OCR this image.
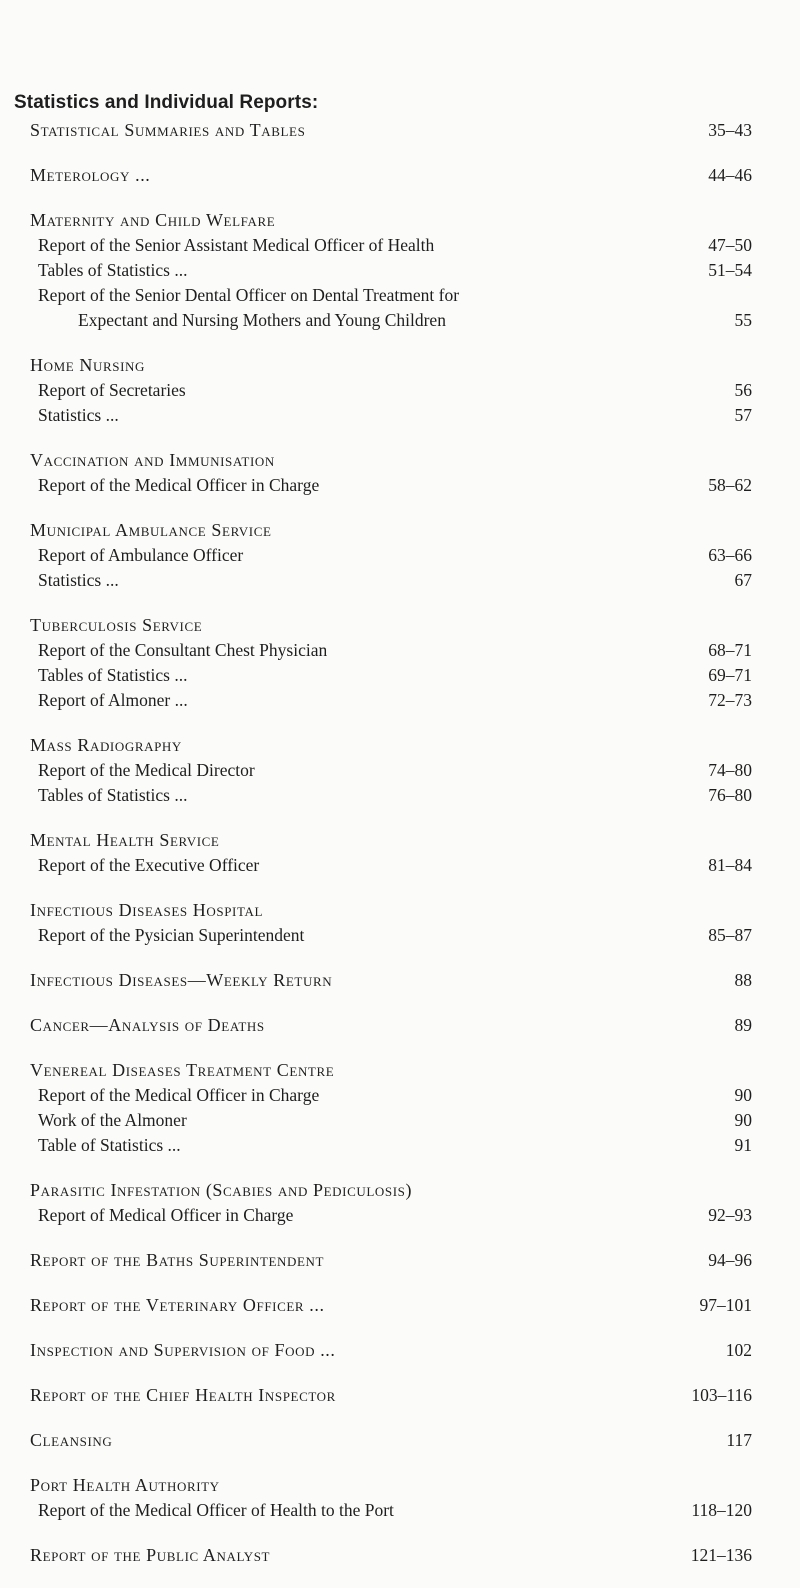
Statistics and Individual Reports:
Statistical Summaries and Tables	35–43
Meterology ...	44–46
Maternity and Child Welfare
Report of the Senior Assistant Medical Officer of Health	47–50
Tables of Statistics ...	51–54
Report of the Senior Dental Officer on Dental Treatment for
Expectant and Nursing Mothers and Young Children	55
Home Nursing
Report of Secretaries	56
Statistics ...	57
Vaccination and Immunisation
Report of the Medical Officer in Charge	58–62
Municipal Ambulance Service
Report of Ambulance Officer	63–66
Statistics ...	67
Tuberculosis Service
Report of the Consultant Chest Physician	68–71
Tables of Statistics ...	69–71
Report of Almoner ...	72–73
Mass Radiography
Report of the Medical Director	74–80
Tables of Statistics ...	76–80
Mental Health Service
Report of the Executive Officer	81–84
Infectious Diseases Hospital
Report of the Pysician Superintendent	85–87
Infectious Diseases—Weekly Return	88
Cancer—Analysis of Deaths	89
Venereal Diseases Treatment Centre
Report of the Medical Officer in Charge	90
Work of the Almoner	90
Table of Statistics ...	91
Parasitic Infestation (Scabies and Pediculosis)
Report of Medical Officer in Charge	92–93
Report of the Baths Superintendent	94–96
Report of the Veterinary Officer ...	97–101
Inspection and Supervision of Food ...	102
Report of the Chief Health Inspector	103–116
Cleansing	117
Port Health Authority
Report of the Medical Officer of Health to the Port	118–120
Report of the Public Analyst	121–136
